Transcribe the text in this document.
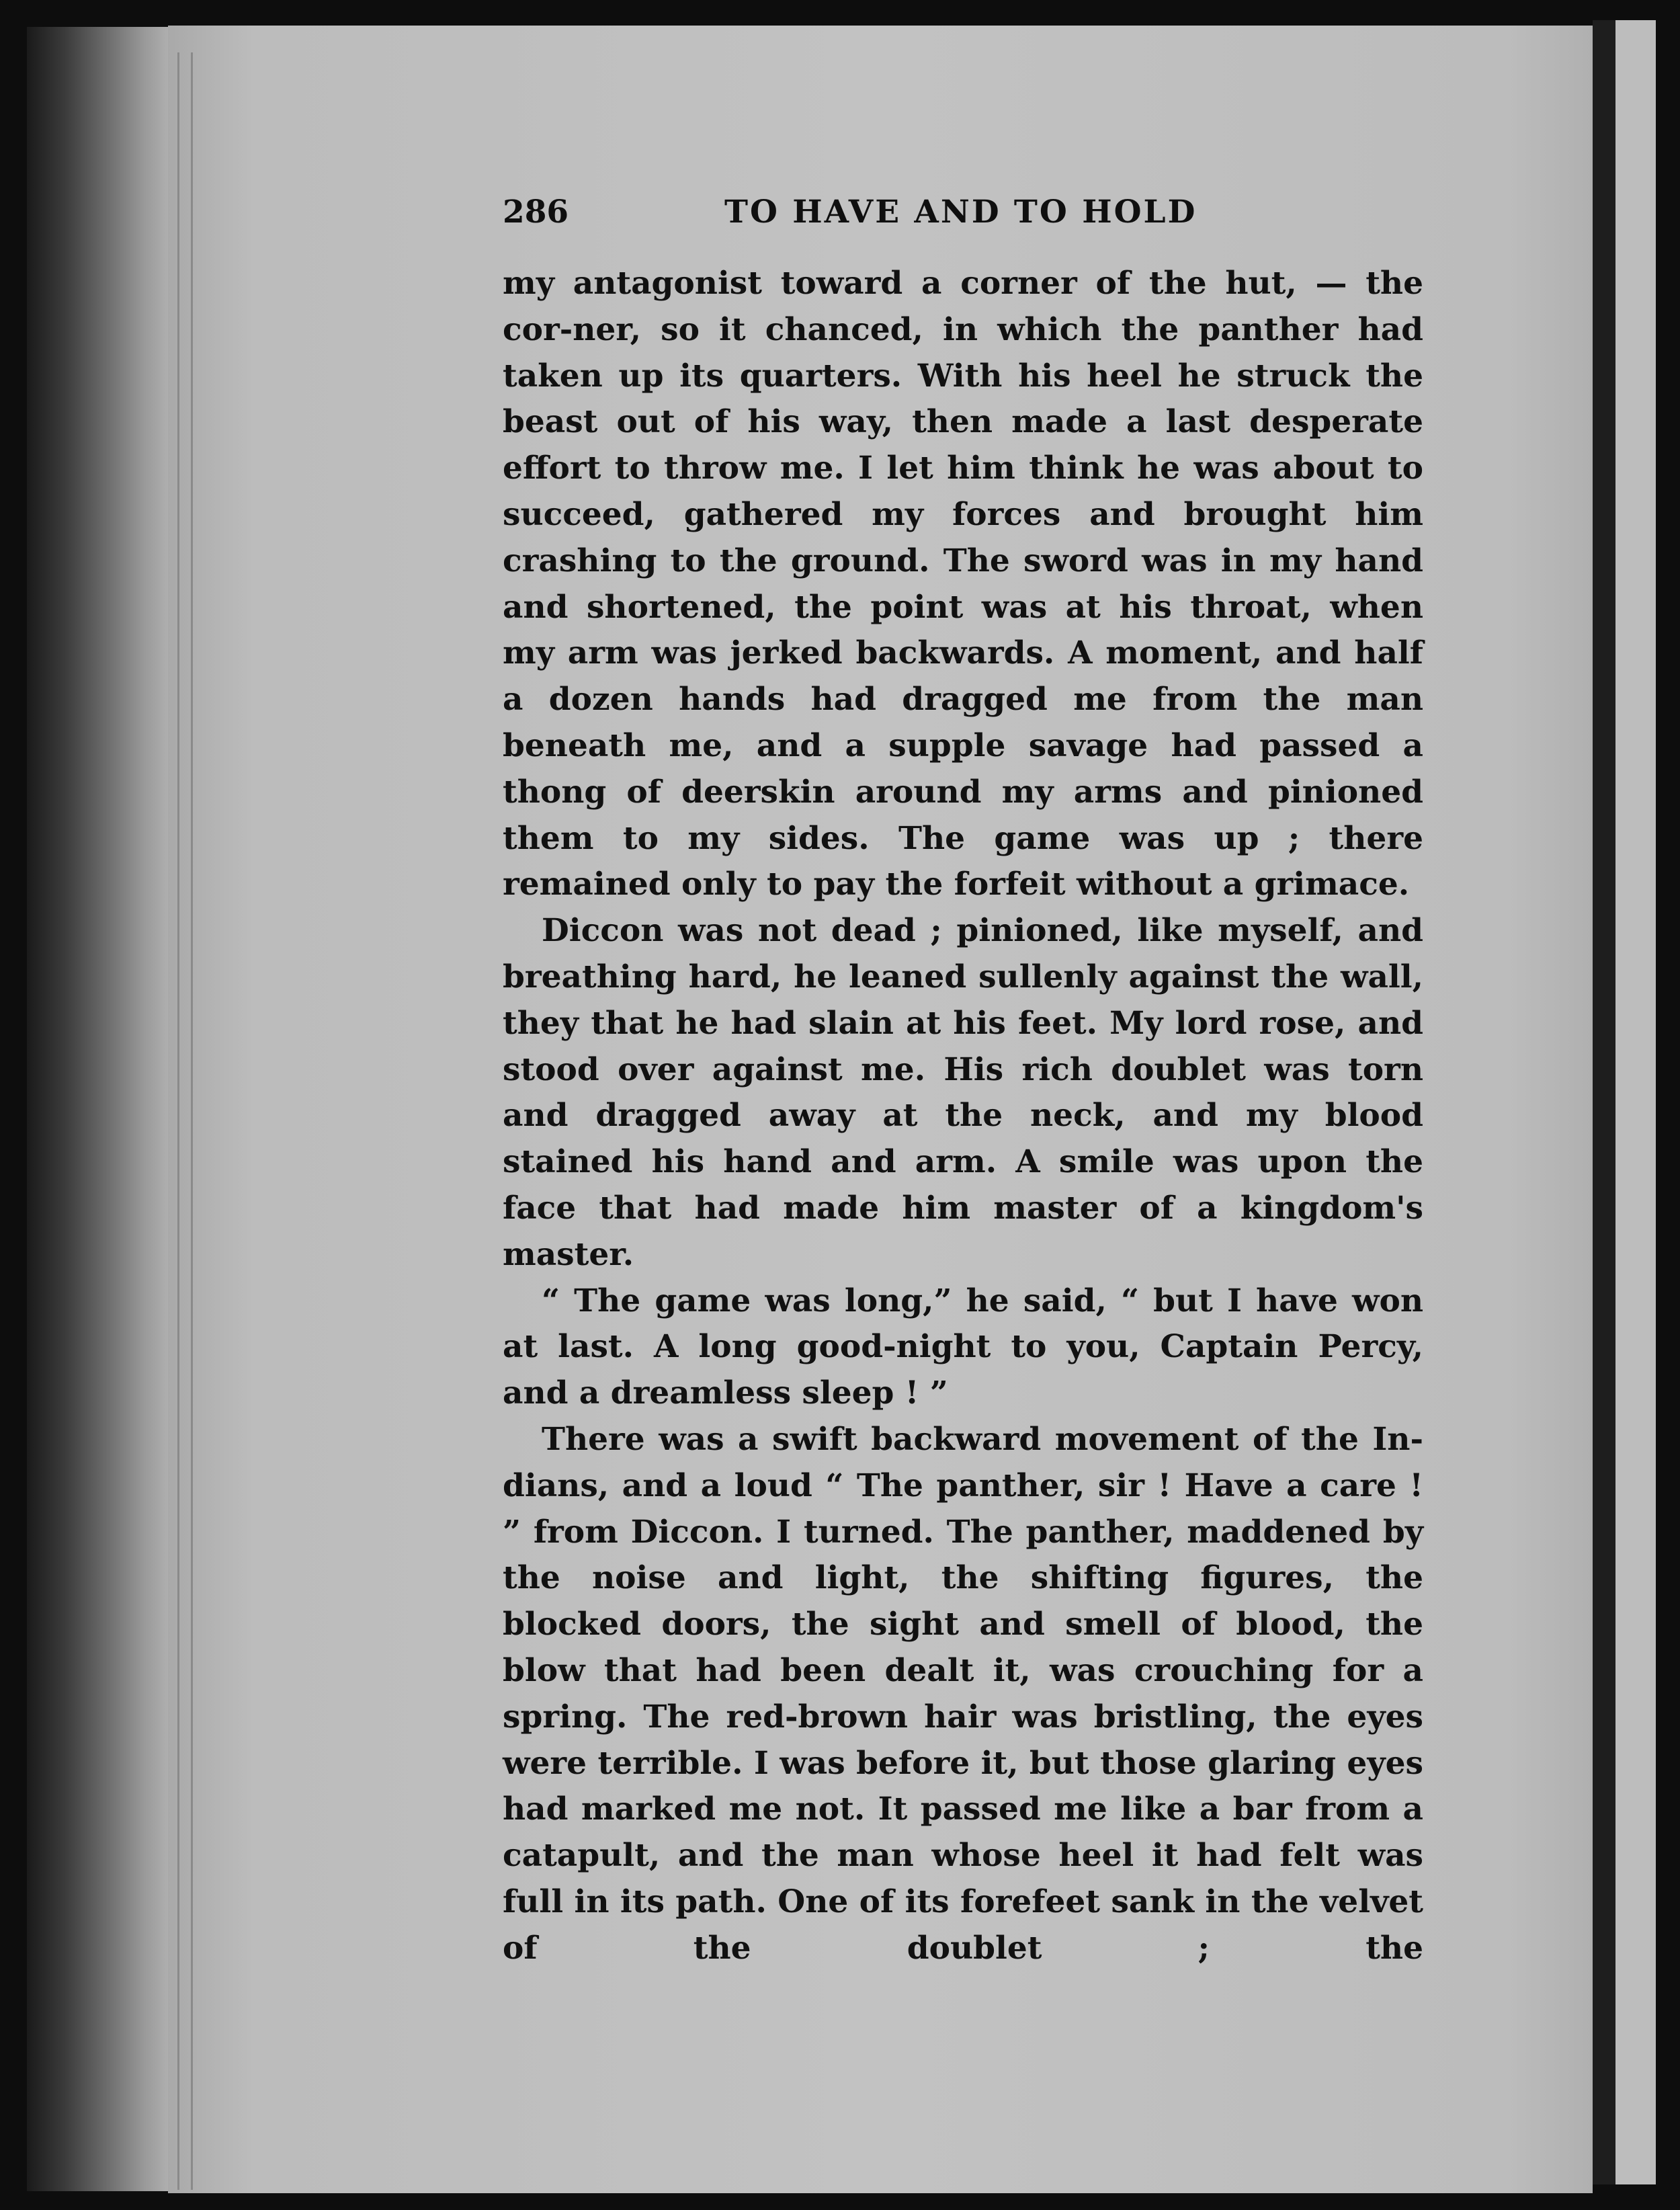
286	TO HAVE AND TO HOLD

my antagonist toward a corner of the hut, — the cor-ner, so it chanced, in which the panther had taken up its quarters. With his heel he struck the beast out of his way, then made a last desperate effort to throw me. I let him think he was about to succeed, gathered my forces and brought him crashing to the ground. The sword was in my hand and shortened, the point was at his throat, when my arm was jerked backwards. A moment, and half a dozen hands had dragged me from the man beneath me, and a supple savage had passed a thong of deerskin around my arms and pinioned them to my sides. The game was up ; there remained only to pay the forfeit without a grimace.

Diccon was not dead ; pinioned, like myself, and breathing hard, he leaned sullenly against the wall, they that he had slain at his feet. My lord rose, and stood over against me. His rich doublet was torn and dragged away at the neck, and my blood stained his hand and arm. A smile was upon the face that had made him master of a kingdom's master.

“ The game was long,” he said, “ but I have won at last. A long good-night to you, Captain Percy, and a dreamless sleep ! ”

There was a swift backward movement of the In-dians, and a loud “ The panther, sir ! Have a care ! ” from Diccon. I turned. The panther, maddened by the noise and light, the shifting figures, the blocked doors, the sight and smell of blood, the blow that had been dealt it, was crouching for a spring. The red-brown hair was bristling, the eyes were terrible. I was before it, but those glaring eyes had marked me not. It passed me like a bar from a catapult, and the man whose heel it had felt was full in its path. One of its forefeet sank in the velvet of the doublet ; the
